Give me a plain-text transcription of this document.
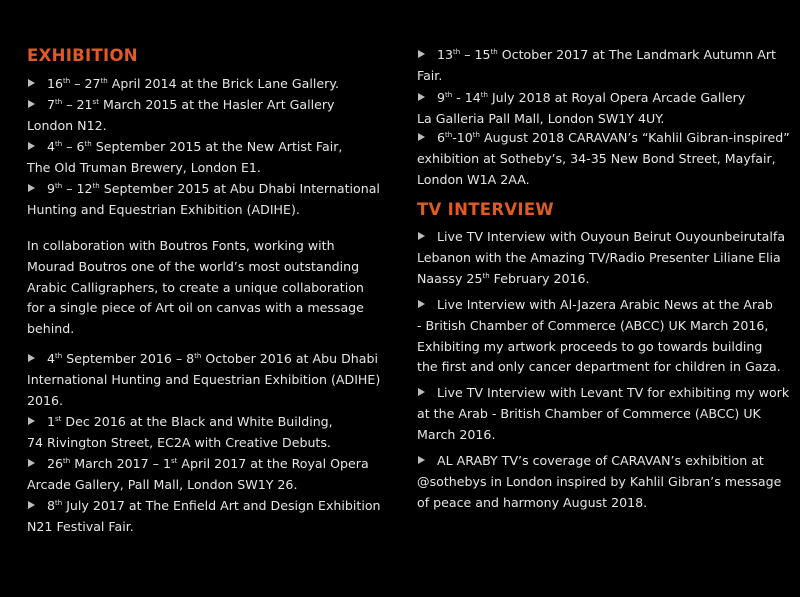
EXHIBITION

16th – 27th April 2014 at the Brick Lane Gallery.

7th – 21st March 2015 at the Hasler Art Gallery

London N12.

4th – 6th September 2015 at the New Artist Fair,

The Old Truman Brewery, London E1.

9th – 12th September 2015 at Abu Dhabi International

Hunting and Equestrian Exhibition (ADIHE).

In collaboration with Boutros Fonts, working with

Mourad Boutros one of the world’s most outstanding

Arabic Calligraphers, to create a unique collaboration

for a single piece of Art oil on canvas with a message

behind.

4th September 2016 – 8th October 2016 at Abu Dhabi

International Hunting and Equestrian Exhibition (ADIHE)

2016.

1st Dec 2016 at the Black and White Building,

74 Rivington Street, EC2A with Creative Debuts.

26th March 2017 – 1st April 2017 at the Royal Opera

Arcade Gallery, Pall Mall, London SW1Y 26.

8th July 2017 at The Enfield Art and Design Exhibition

N21 Festival Fair.

13th – 15th October 2017 at The Landmark Autumn Art

Fair.

9th - 14th July 2018 at Royal Opera Arcade Gallery

La Galleria Pall Mall, London SW1Y 4UY.

6th-10th August 2018 CARAVAN’s “Kahlil Gibran-inspired”

exhibition at Sotheby’s, 34-35 New Bond Street, Mayfair,

London W1A 2AA.

TV INTERVIEW

Live TV Interview with Ouyoun Beirut Ouyounbeirutalfa

Lebanon with the Amazing TV/Radio Presenter Liliane Elia

Naassy 25th February 2016.

Live Interview with Al-Jazera Arabic News at the Arab

- British Chamber of Commerce (ABCC) UK March 2016,

Exhibiting my artwork proceeds to go towards building

the first and only cancer department for children in Gaza.

Live TV Interview with Levant TV for exhibiting my work

at the Arab - British Chamber of Commerce (ABCC) UK

March 2016.

AL ARABY TV’s coverage of CARAVAN’s exhibition at

@sothebys in London inspired by Kahlil Gibran’s message

of peace and harmony August 2018.
